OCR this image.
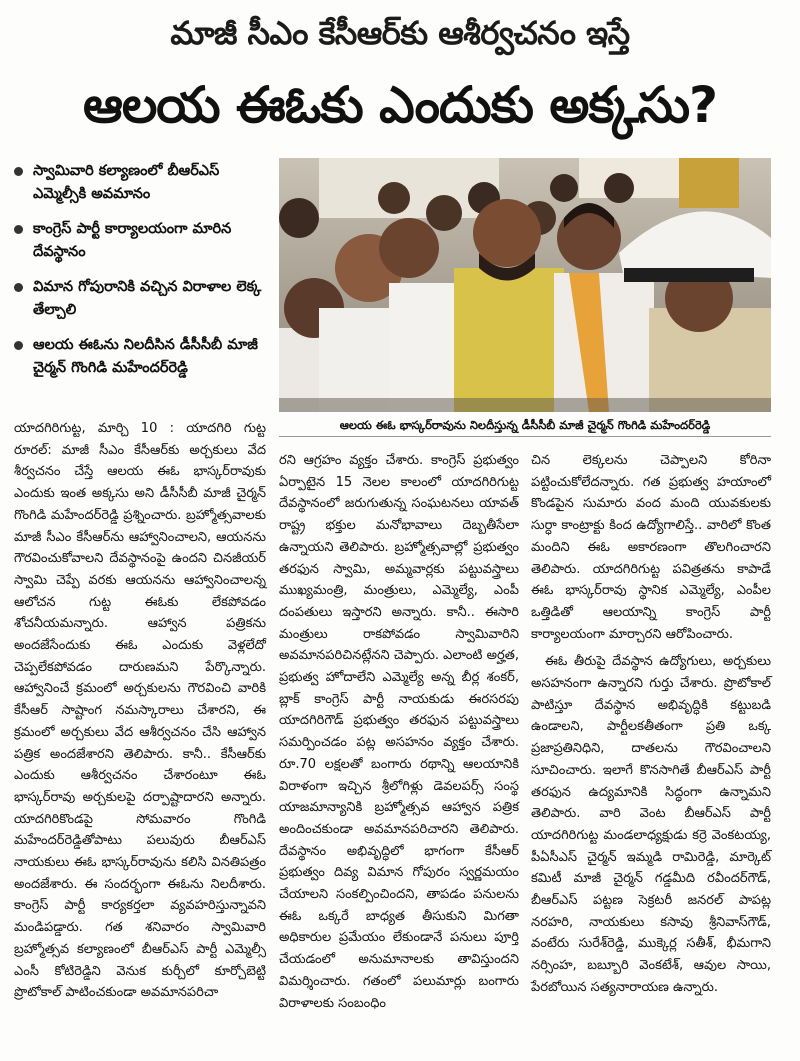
మాజీ సీఎం కేసీఆర్‌కు ఆశీర్వచనం ఇస్తే
ఆలయ ఈఓకు ఎందుకు అక్కసు?
స్వామివారి కల్యాణంలో బీఆర్‌ఎస్ ఎమ్మెల్సీకి అవమానం
కాంగ్రెస్ పార్టీ కార్యాలయంగా మారిన దేవస్థానం
విమాన గోపురానికి వచ్చిన విరాళాల లెక్క తేల్చాలి
ఆలయ ఈఓను నిలదీసిన డీసీసీబీ మాజీ చైర్మన్ గొంగిడి మహేందర్‌రెడ్డి
ఆలయ ఈఓ భాస్కర్‌రావును నిలదీస్తున్న డీసీసీబీ మాజీ చైర్మన్ గొంగిడి మహేందర్‌రెడ్డి
యాదగిరిగుట్ట, మార్చి 10 : యాదగిరి గుట్ట రూరల్‌: మాజీ సీఎం కేసీఆర్‌కు అర్చకులు వేద శీర్వచనం చేస్తే ఆలయ ఈఓ భాస్కర్‌రావుకు ఎందుకు ఇంత అక్కసు అని డీసీసీబీ మాజీ చైర్మన్ గొంగిడి మహేందర్‌రెడ్డి ప్రశ్నించారు. బ్రహ్మోత్సవాలకు మాజీ సీఎం కేసీఆర్‌ను ఆహ్వానించాలని, ఆయనను గౌరవించుకోవాలని దేవస్థానంపై ఉందని చినజీయర్ స్వామి చెప్పే వరకు ఆయనను ఆహ్వానించాలన్న ఆలోచన గుట్ట ఈఓకు లేకపోవడం శోచనీయమన్నారు. ఆహ్వాన పత్రికను అందజేసేందుకు ఈఓ ఎందుకు వెళ్లలేదో చెప్పలేకపోవడం దారుణమని పేర్కొన్నారు. ఆహ్వానించే క్రమంలో అర్చకులను గౌరవించి వారికి కేసీఆర్ సాష్టాంగ నమస్కారాలు చేశారని, ఈ క్రమంలో అర్చకులు వేద ఆశీర్వచనం చేసి ఆహ్వాన పత్రిక అందజేశారని తెలిపారు. కానీ.. కేసీఆర్‌కు ఎందుకు ఆశీర్వచనం చేశారంటూ ఈఓ భాస్కర్‌రావు అర్చకులపై దర్పాష్టాదారని అన్నారు. యాదగిరికొండపై సోమవారం గొంగిడి మహేందర్‌రెడ్డితోపాటు పలువురు బీఆర్‌ఎస్ నాయకులు ఈఓ భాస్కర్‌రావును కలిసి వినతిపత్రం అందజేశారు. ఈ సందర్భంగా ఈఓను నిలదీశారు. కాంగ్రెస్ పార్టీ కార్యకర్తలా వ్యవహరిస్తున్నావని మండిపడ్డారు. గత శనివారం స్వామివారి బ్రహ్మోత్సవ కల్యాణంలో బీఆర్‌ఎస్ పార్టీ ఎమ్మెల్సీ ఎంసీ కోటిరెడ్డిని వెనుక కుర్చీలో కూర్చోబెట్టి ప్రొటోకాల్ పాటించకుండా అవమానపరిచా
రని ఆగ్రహం వ్యక్తం చేశారు. కాంగ్రెస్ ప్రభుత్వం ఏర్పాటైన 15 నెలల కాలంలో యాదగిరిగుట్ట దేవస్థానంలో జరుగుతున్న సంఘటనలు యావత్ రాష్ట్ర భక్తుల మనోభావాలు దెబ్బతీసేలా ఉన్నాయని తెలిపారు. బ్రహ్మోత్సవాల్లో ప్రభుత్వం తరఫున స్వామి, అమ్మవార్లకు పట్టువస్త్రాలు ముఖ్యమంత్రి, మంత్రులు, ఎమ్మెల్యే, ఎంపీ దంపతులు ఇస్తారని అన్నారు. కానీ.. ఈసారి మంత్రులు రాకపోవడం స్వామివారిని అవమానపరిచినట్లేనని చెప్పారు. ఎలాంటి అర్హత, ప్రభుత్వ హోదాలేని ఎమ్మెల్యే అన్న బీర్ల శంకర్, బ్లాక్ కాంగ్రెస్ పార్టీ నాయకుడు ఈరసరపు యాదగిరిగౌడ్ ప్రభుత్వం తరఫున పట్టువస్త్రాలు సమర్పించడం పట్ల అసహనం వ్యక్తం చేశారు. రూ.70 లక్షలతో బంగారు రథాన్ని ఆలయానికి విరాళంగా ఇచ్చిన శ్రీలోగిళ్లు డెవలపర్స్ సంస్థ యాజమాన్యానికి బ్రహ్మోత్సవ ఆహ్వాన పత్రిక అందించకుండా అవమానపరిచారని తెలిపారు. దేవస్థానం అభివృద్ధిలో భాగంగా కేసీఆర్ ప్రభుత్వం దివ్య విమాన గోపురం స్వర్ణమయం చేయాలని సంకల్పించిందని, తాపడం పనులను ఈఓ ఒక్కరే బాధ్యత తీసుకుని మిగతా అధికారుల ప్రమేయం లేకుండానే పనులు పూర్తి చేయడంలో అనుమానాలకు తావిస్తుందని విమర్శించారు. గతంలో పలుమార్లు బంగారు విరాళాలకు సంబంధిం
చిన లెక్కలను చెప్పాలని కోరినా పట్టించుకోలేదన్నారు. గత ప్రభుత్వ హయాంలో కొండపైన సుమారు వంద మంది యువకులకు సుర్ధా కాంట్రాక్టు కింద ఉద్యోగాలిస్తే.. వారిలో కొంత మందిని ఈఓ అకారణంగా తొలగించారని తెలిపారు. యాదగిరిగుట్ట పవిత్రతను కాపాడే ఈఓ భాస్కర్‌రావు స్థానిక ఎమ్మెల్యే, ఎంపీల ఒత్తిడితో ఆలయాన్ని కాంగ్రెస్ పార్టీ కార్యాలయంగా మార్చారని ఆరోపించారు.
ఈఓ తీరుపై దేవస్థాన ఉద్యోగులు, అర్చకులు అసహనంగా ఉన్నారని గుర్తు చేశారు. ప్రొటోకాల్ పాటిస్తూ దేవస్థాన అభివృద్ధికి కట్టుబడి ఉండాలని, పార్టీలకతీతంగా ప్రతి ఒక్క ప్రజాప్రతినిధిని, దాతలను గౌరవించాలని సూచించారు. ఇలాగే కొనసాగితే బీఆర్‌ఎస్ పార్టీ తరఫున ఉద్యమానికి సిద్ధంగా ఉన్నామని తెలిపారు. వారి వెంట బీఆర్‌ఎస్ పార్టీ యాదగిరిగుట్ట మండలాధ్యక్షుడు కర్రె వెంకటయ్య, పీఏసీఎస్ చైర్మన్ ఇమ్మడి రామిరెడ్డి, మార్కెట్ కమిటీ మాజీ చైర్మన్ గడ్డమీది రవీందర్‌గౌడ్, బీఆర్‌ఎస్ పట్టణ సెక్రటరీ జనరల్ పాపట్ల నరహరి, నాయకులు కసావు శ్రీనివాస్‌గౌడ్, వంటేరు సురేశ్‌రెడ్డి, ముక్కెర్ల సతీశ్, భీమగాని నర్సింహ, బబ్బూరి వెంకటేశ్, ఆవుల సాయి, పేరబోయిన సత్యనారాయణ ఉన్నారు.
